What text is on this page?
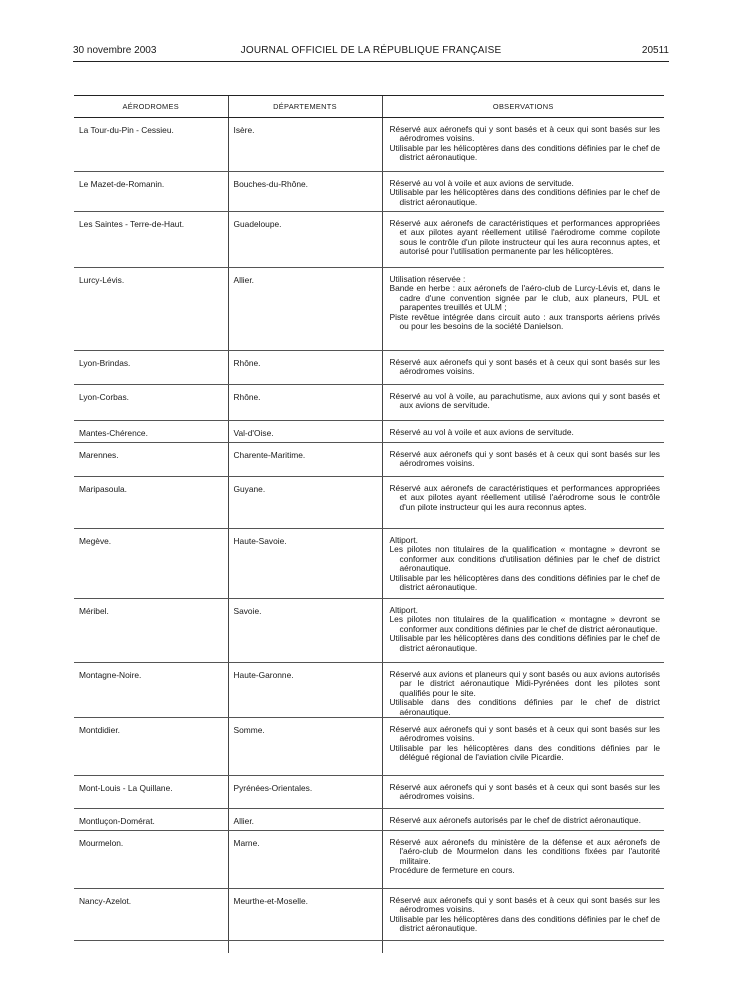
30 novembre 2003	JOURNAL OFFICIEL DE LA RÉPUBLIQUE FRANÇAISE	20511
AÉRODROMES	DÉPARTEMENTS	OBSERVATIONS
La Tour-du-Pin - Cessieu.	Isère.	Réservé aux aéronefs qui y sont basés et à ceux qui sont basés sur les aérodromes voisins.

Utilisable par les hélicoptères dans des conditions définies par le chef de district aéronautique.

Le Mazet-de-Romanin.	Bouches-du-Rhône.	Réservé au vol à voile et aux avions de servitude.

Utilisable par les hélicoptères dans des conditions définies par le chef de district aéronautique.

Les Saintes - Terre-de-Haut.	Guadeloupe.	Réservé aux aéronefs de caractéristiques et performances appropriées et aux pilotes ayant réellement utilisé l'aérodrome comme copilote sous le contrôle d'un pilote instructeur qui les aura reconnus aptes, et autorisé pour l'utilisation permanente par les hélicoptères.

Lurcy-Lévis.	Allier.	Utilisation réservée :

Bande en herbe : aux aéronefs de l'aéro-club de Lurcy-Lévis et, dans le cadre d'une convention signée par le club, aux planeurs, PUL et parapentes treuillés et ULM ;

Piste revêtue intégrée dans circuit auto : aux transports aériens privés ou pour les besoins de la société Danielson.

Lyon-Brindas.	Rhône.	Réservé aux aéronefs qui y sont basés et à ceux qui sont basés sur les aérodromes voisins.

Lyon-Corbas.	Rhône.	Réservé au vol à voile, au parachutisme, aux avions qui y sont basés et aux avions de servitude.

Mantes-Chérence.	Val-d'Oise.	Réservé au vol à voile et aux avions de servitude.

Marennes.	Charente-Maritime.	Réservé aux aéronefs qui y sont basés et à ceux qui sont basés sur les aérodromes voisins.

Maripasoula.	Guyane.	Réservé aux aéronefs de caractéristiques et performances appropriées et aux pilotes ayant réellement utilisé l'aérodrome sous le contrôle d'un pilote instructeur qui les aura reconnus aptes.

Megève.	Haute-Savoie.	Altiport.

Les pilotes non titulaires de la qualification « montagne » devront se conformer aux conditions d'utilisation définies par le chef de district aéronautique.

Utilisable par les hélicoptères dans des conditions définies par le chef de district aéronautique.

Méribel.	Savoie.	Altiport.

Les pilotes non titulaires de la qualification « montagne » devront se conformer aux conditions définies par le chef de district aéronautique.

Utilisable par les hélicoptères dans des conditions définies par le chef de district aéronautique.

Montagne-Noire.	Haute-Garonne.	Réservé aux avions et planeurs qui y sont basés ou aux avions autorisés par le district aéronautique Midi-Pyrénées dont les pilotes sont qualifiés pour le site.

Utilisable dans des conditions définies par le chef de district aéronautique.

Montdidier.	Somme.	Réservé aux aéronefs qui y sont basés et à ceux qui sont basés sur les aérodromes voisins.

Utilisable par les hélicoptères dans des conditions définies par le délégué régional de l'aviation civile Picardie.

Mont-Louis - La Quillane.	Pyrénées-Orientales.	Réservé aux aéronefs qui y sont basés et à ceux qui sont basés sur les aérodromes voisins.

Montluçon-Domérat.	Allier.	Réservé aux aéronefs autorisés par le chef de district aéronautique.

Mourmelon.	Marne.	Réservé aux aéronefs du ministère de la défense et aux aéronefs de l'aéro-club de Mourmelon dans les conditions fixées par l'autorité militaire.

Procédure de fermeture en cours.

Nancy-Azelot.	Meurthe-et-Moselle.	Réservé aux aéronefs qui y sont basés et à ceux qui sont basés sur les aérodromes voisins.

Utilisable par les hélicoptères dans des conditions définies par le chef de district aéronautique.
